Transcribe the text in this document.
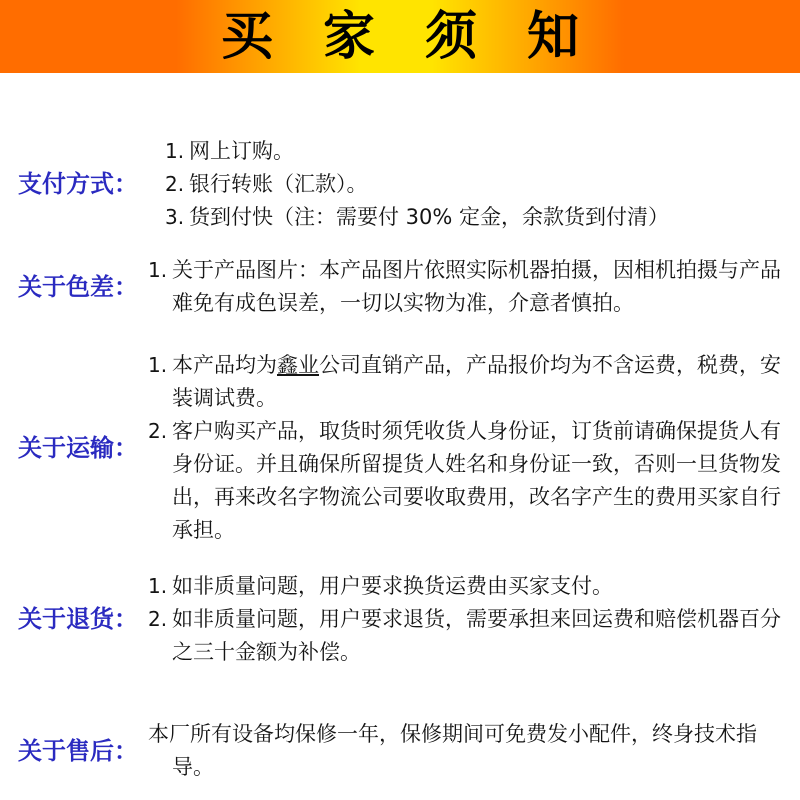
买家须知
支付方式：
1. 网上订购。
2. 银行转账（汇款）。
3. 货到付快（注：需要付 30% 定金，余款货到付清）
关于色差：
1. 关于产品图片：本产品图片依照实际机器拍摄，因相机拍摄与产品难免有成色误差，一切以实物为准，介意者慎拍。
关于运输：
1. 本产品均为鑫业公司直销产品，产品报价均为不含运费，税费，安装调试费。
2. 客户购买产品，取货时须凭收货人身份证，订货前请确保提货人有身份证。并且确保所留提货人姓名和身份证一致，否则一旦货物发出，再来改名字物流公司要收取费用，改名字产生的费用买家自行承担。
关于退货：
1. 如非质量问题，用户要求换货运费由买家支付。
2. 如非质量问题，用户要求退货，需要承担来回运费和赔偿机器百分之三十金额为补偿。
关于售后：
本厂所有设备均保修一年，保修期间可免费发小配件，终身技术指导。
